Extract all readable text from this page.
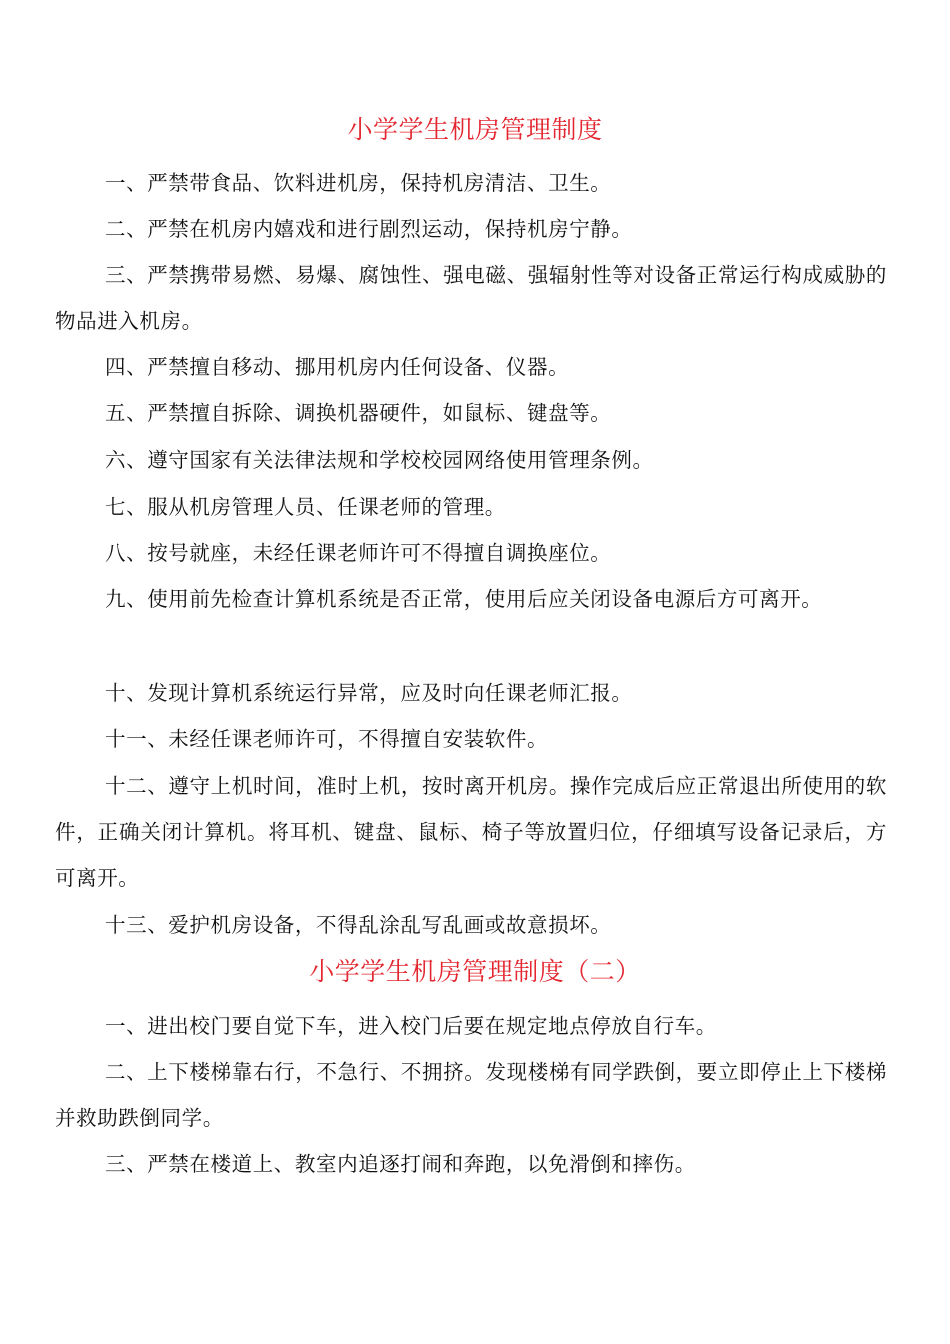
小学学生机房管理制度

一、严禁带食品、饮料进机房，保持机房清洁、卫生。

二、严禁在机房内嬉戏和进行剧烈运动，保持机房宁静。

三、严禁携带易燃、易爆、腐蚀性、强电磁、强辐射性等对设备正常运行构成威胁的物品进入机房。

四、严禁擅自移动、挪用机房内任何设备、仪器。

五、严禁擅自拆除、调换机器硬件，如鼠标、键盘等。

六、遵守国家有关法律法规和学校校园网络使用管理条例。

七、服从机房管理人员、任课老师的管理。

八、按号就座，未经任课老师许可不得擅自调换座位。

九、使用前先检查计算机系统是否正常，使用后应关闭设备电源后方可离开。

十、发现计算机系统运行异常，应及时向任课老师汇报。

十一、未经任课老师许可，不得擅自安装软件。

十二、遵守上机时间，准时上机，按时离开机房。操作完成后应正常退出所使用的软件，正确关闭计算机。将耳机、键盘、鼠标、椅子等放置归位，仔细填写设备记录后，方可离开。

十三、爱护机房设备，不得乱涂乱写乱画或故意损坏。

小学学生机房管理制度（二）

一、进出校门要自觉下车，进入校门后要在规定地点停放自行车。

二、上下楼梯靠右行，不急行、不拥挤。发现楼梯有同学跌倒，要立即停止上下楼梯并救助跌倒同学。

三、严禁在楼道上、教室内追逐打闹和奔跑，以免滑倒和摔伤。
